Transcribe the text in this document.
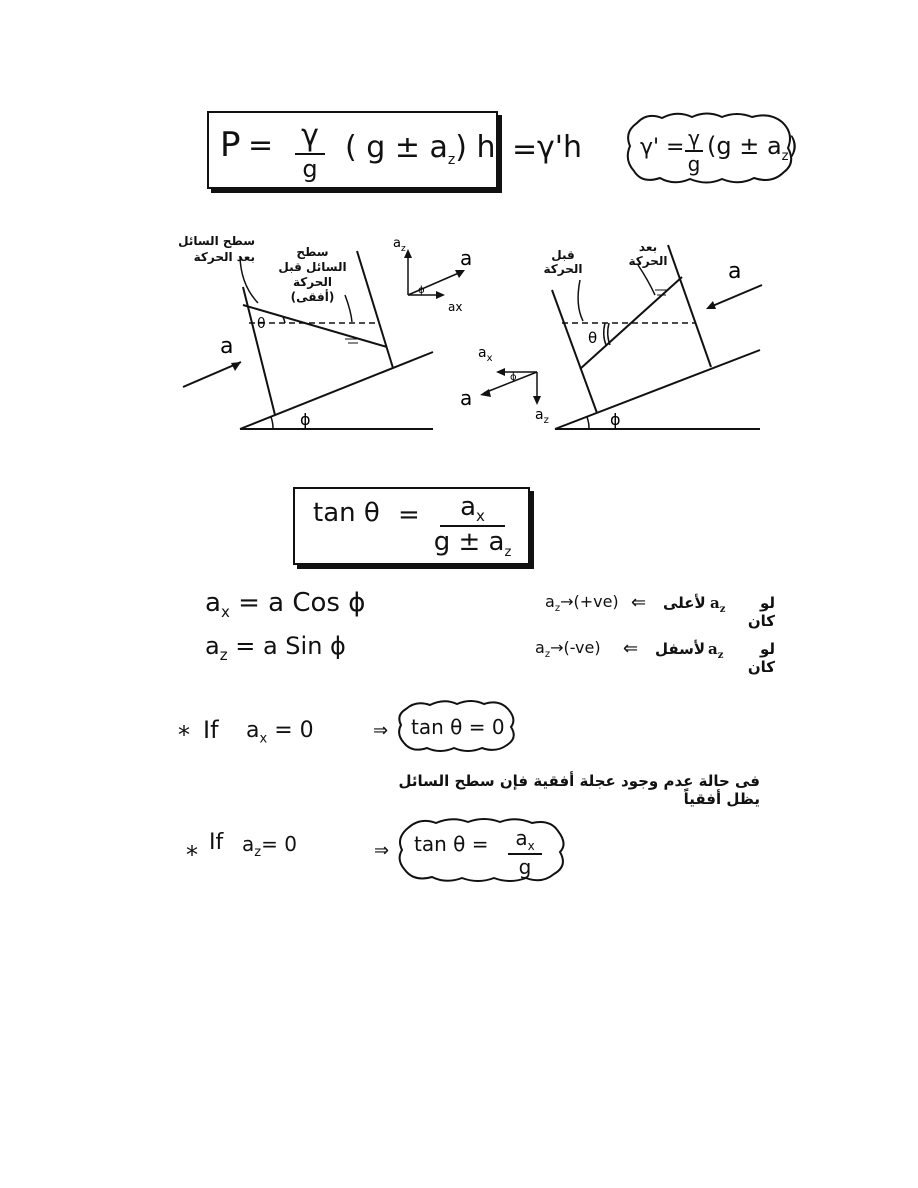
P = γ
g
( $g \pm a_z$) h = γ'h	γ' = γ
g
$(g \pm a_z)$
θ
ϕ
a
$a_z$
ax
a
ϕ
سطح السائل بعد الحركة	سطح السائل قبل الحركة (أفقى)
θ
ϕ
a
$a_x$
$a_z$
a
ϕ
قبل الحركة
بعد الحركة
$\tan \theta = a_x$
$g \pm a_z$
$a_x = a$ Cos ϕ
$a_z = a$ Sin ϕ
$a_z\to(+ve)$ ⇐ لأعلى $a_z$	لو كان
$a_z\to(-ve)$ ⇐ لأسفل $a_z$	لو كان
* If $a_x = 0$	⇒ tan θ = 0
فى حالة عدم وجود عجلة أفقية فإن سطح السائل يظل أفقياً
* If $a_z= 0$	⇒ $\tan \theta = a_x$
g
